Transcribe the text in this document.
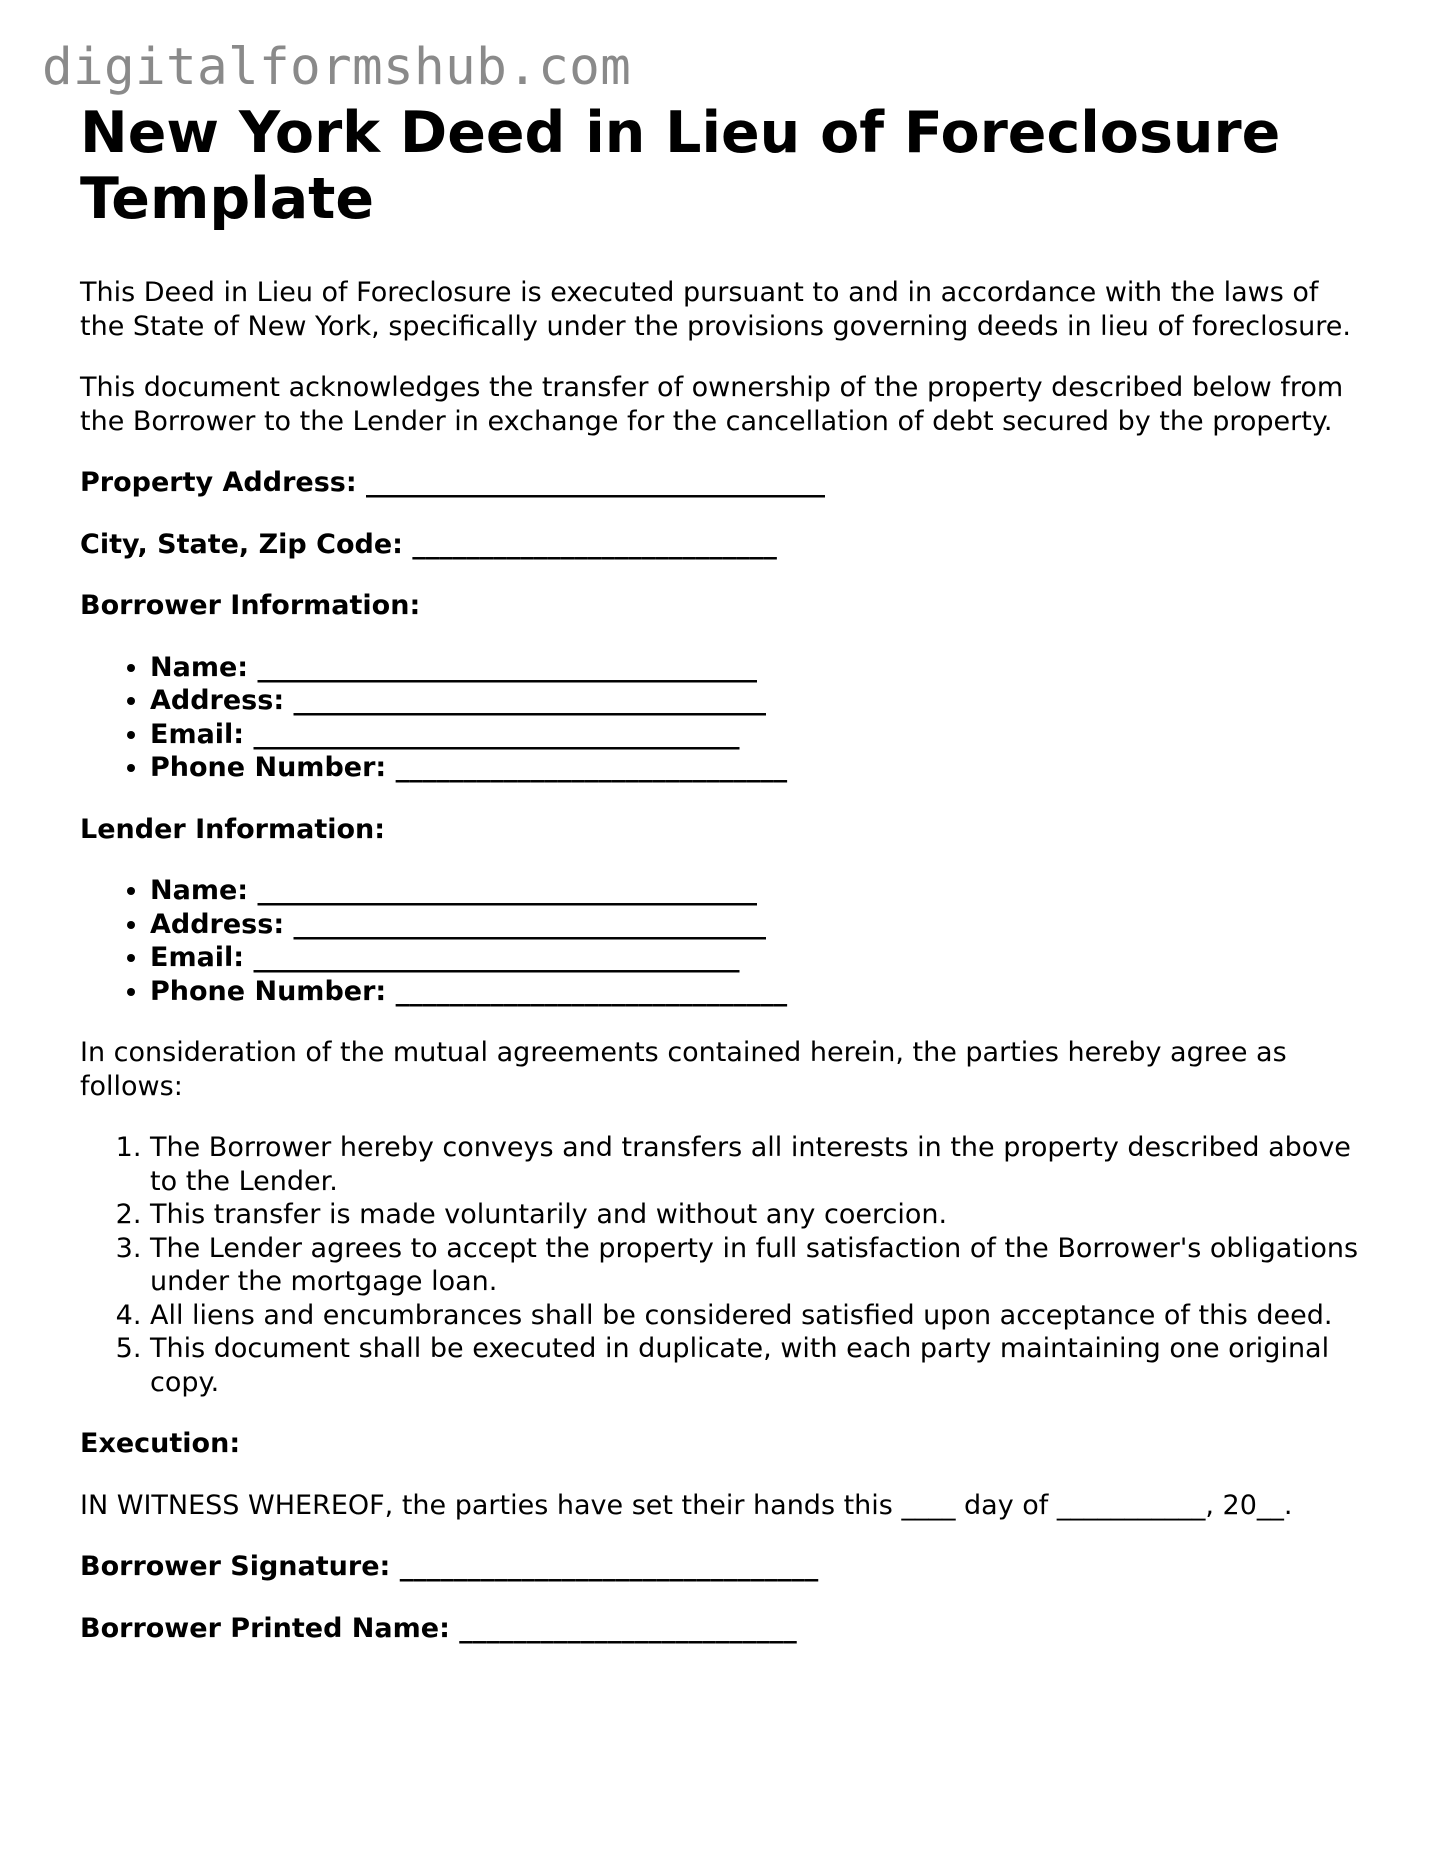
digitalformshub.com
New York Deed in Lieu of Foreclosure Template

This Deed in Lieu of Foreclosure is executed pursuant to and in accordance with the laws of the State of New York, specifically under the provisions governing deeds in lieu of foreclosure.

This document acknowledges the transfer of ownership of the property described below from the Borrower to the Lender in exchange for the cancellation of debt secured by the property.

Property Address: __________________________________

City, State, Zip Code: ___________________________

Borrower Information:

• Name: _____________________________________
• Address: ___________________________________
• Email: ____________________________________
• Phone Number: _____________________________

Lender Information:

• Name: _____________________________________
• Address: ___________________________________
• Email: ____________________________________
• Phone Number: _____________________________

In consideration of the mutual agreements contained herein, the parties hereby agree as follows:

1. The Borrower hereby conveys and transfers all interests in the property described above to the Lender.
2. This transfer is made voluntarily and without any coercion.
3. The Lender agrees to accept the property in full satisfaction of the Borrower's obligations under the mortgage loan.
4. All liens and encumbrances shall be considered satisfied upon acceptance of this deed.
5. This document shall be executed in duplicate, with each party maintaining one original copy.

Execution:

IN WITNESS WHEREOF, the parties have set their hands this ____ day of ___________, 20__.

Borrower Signature: _______________________________

Borrower Printed Name: _________________________
